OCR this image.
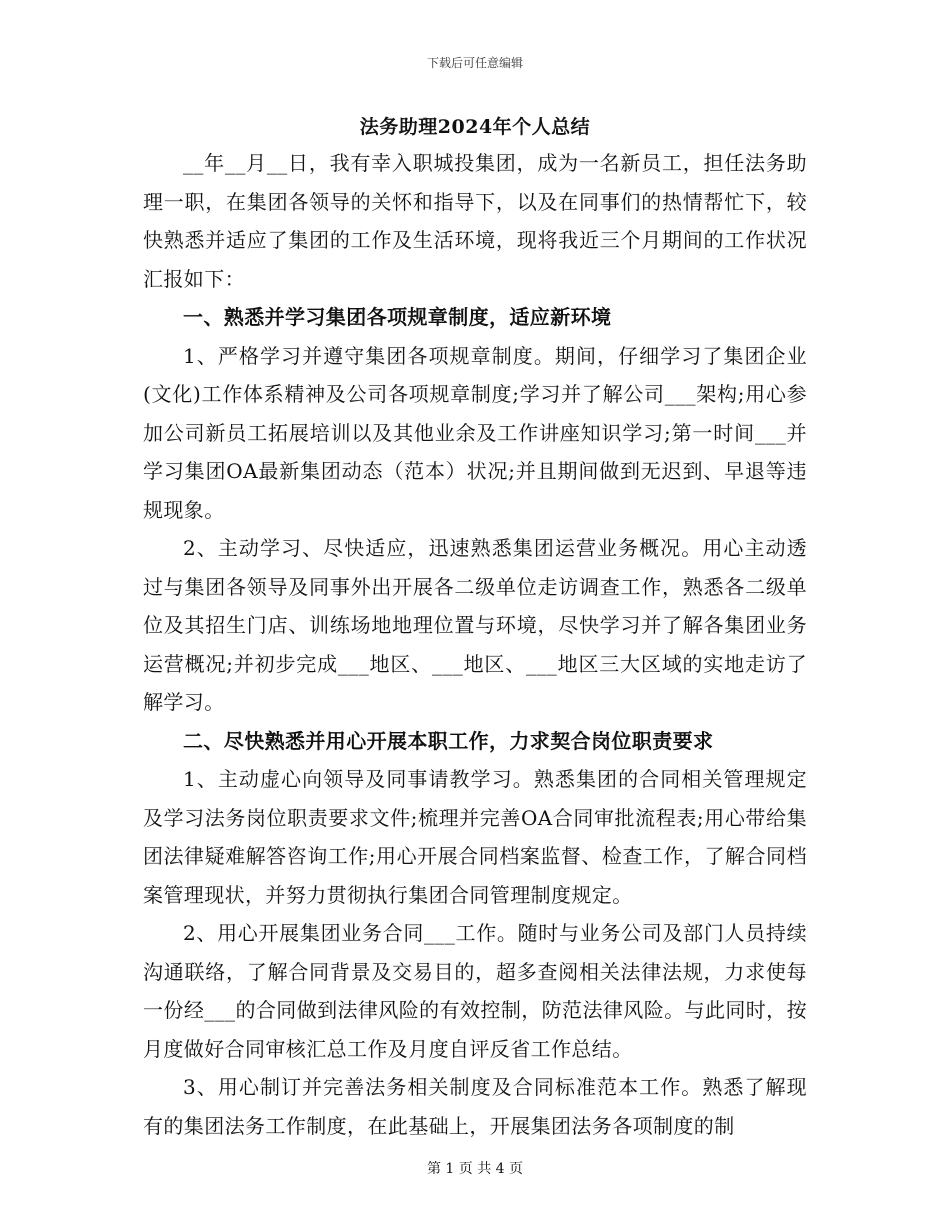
下载后可任意编辑
法务助理2024年个人总结

__年__月__日，我有幸入职城投集团，成为一名新员工，担任法务助理一职，在集团各领导的关怀和指导下，以及在同事们的热情帮忙下，较快熟悉并适应了集团的工作及生活环境，现将我近三个月期间的工作状况汇报如下：

一、熟悉并学习集团各项规章制度，适应新环境

1、严格学习并遵守集团各项规章制度。期间，仔细学习了集团企业(文化)工作体系精神及公司各项规章制度;学习并了解公司___架构;用心参加公司新员工拓展培训以及其他业余及工作讲座知识学习;第一时间___并学习集团OA最新集团动态（范本）状况;并且期间做到无迟到、早退等违规现象。

2、主动学习、尽快适应，迅速熟悉集团运营业务概况。用心主动透过与集团各领导及同事外出开展各二级单位走访调查工作，熟悉各二级单位及其招生门店、训练场地地理位置与环境，尽快学习并了解各集团业务运营概况;并初步完成___地区、___地区、___地区三大区域的实地走访了解学习。

二、尽快熟悉并用心开展本职工作，力求契合岗位职责要求

1、主动虚心向领导及同事请教学习。熟悉集团的合同相关管理规定及学习法务岗位职责要求文件;梳理并完善OA合同审批流程表;用心带给集团法律疑难解答咨询工作;用心开展合同档案监督、检查工作，了解合同档案管理现状，并努力贯彻执行集团合同管理制度规定。

2、用心开展集团业务合同___工作。随时与业务公司及部门人员持续沟通联络，了解合同背景及交易目的，超多查阅相关法律法规，力求使每一份经___的合同做到法律风险的有效控制，防范法律风险。与此同时，按月度做好合同审核汇总工作及月度自评反省工作总结。

3、用心制订并完善法务相关制度及合同标准范本工作。熟悉了解现有的集团法务工作制度，在此基础上，开展集团法务各项制度的制

第 1 页 共 4 页
